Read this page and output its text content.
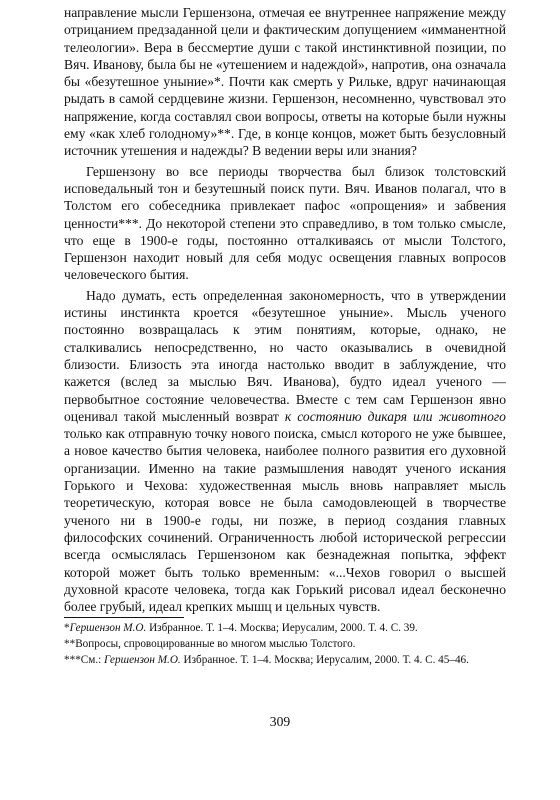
направление мысли Гершензона, отмечая ее внутреннее напряжение между отрицанием предзаданной цели и фактическим допущением «имманентной телеологии». Вера в бессмертие души с такой инстинктивной позиции, по Вяч. Иванову, была бы не «утешением и надеждой», напротив, она означала бы «безутешное уныние»*. Почти как смерть у Рильке, вдруг начинающая рыдать в самой сердцевине жизни. Гершензон, несомненно, чувствовал это напряжение, когда составлял свои вопросы, ответы на которые были нужны ему «как хлеб голодному»**. Где, в конце концов, может быть безусловный источник утешения и надежды? В ведении веры или знания?

Гершензону во все периоды творчества был близок толстовский исповедальный тон и безутешный поиск пути. Вяч. Иванов полагал, что в Толстом его собеседника привлекает пафос «опрощения» и забвения ценности***. До некоторой степени это справедливо, в том только смысле, что еще в 1900-е годы, постоянно отталкиваясь от мысли Толстого, Гершензон находит новый для себя модус освещения главных вопросов человеческого бытия.

Надо думать, есть определенная закономерность, что в утверждении истины инстинкта кроется «безутешное уныние». Мысль ученого постоянно возвращалась к этим понятиям, которые, однако, не сталкивались непосредственно, но часто оказывались в очевидной близости. Близость эта иногда настолько вводит в заблуждение, что кажется (вслед за мыслью Вяч. Иванова), будто идеал ученого — первобытное состояние человечества. Вместе с тем сам Гершензон явно оценивал такой мысленный возврат к состоянию дикаря или животного только как отправную точку нового поиска, смысл которого не уже бывшее, а новое качество бытия человека, наиболее полного развития его духовной организации. Именно на такие размышления наводят ученого искания Горького и Чехова: художественная мысль вновь направляет мысль теоретическую, которая вовсе не была самодовлеющей в творчестве ученого ни в 1900-е годы, ни позже, в период создания главных философских сочинений. Ограниченность любой исторической регрессии всегда осмыслялась Гершензоном как безнадежная попытка, эффект которой может быть только временным: «...Чехов говорил о высшей духовной красоте человека, тогда как Горький рисовал идеал бесконечно более грубый, идеал крепких мышц и цельных чувств.

*Гершензон М.О. Избранное. Т. 1–4. Москва; Иерусалим, 2000. Т. 4. С. 39.
**Вопросы, спровоцированные во многом мыслью Толстого.
***См.: Гершензон М.О. Избранное. Т. 1–4. Москва; Иерусалим, 2000. Т. 4. С. 45–46.
309
